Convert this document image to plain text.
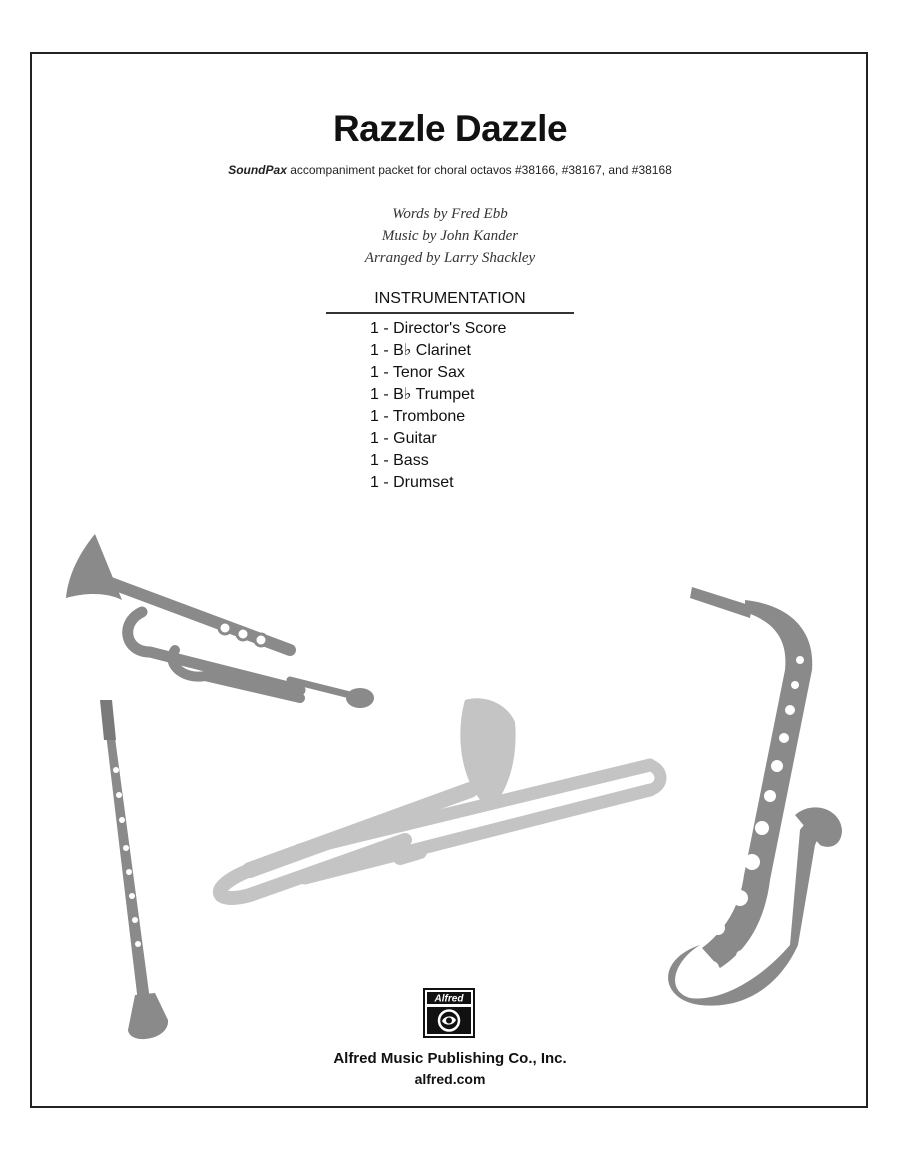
Razzle Dazzle
SoundPax accompaniment packet for choral octavos #38166, #38167, and #38168
Words by Fred Ebb
Music by John Kander
Arranged by Larry Shackley
INSTRUMENTATION
1 - Director's Score
1 - B♭ Clarinet
1 - Tenor Sax
1 - B♭ Trumpet
1 - Trombone
1 - Guitar
1 - Bass
1 - Drumset
Alfred
Alfred Music Publishing Co., Inc.
alfred.com
